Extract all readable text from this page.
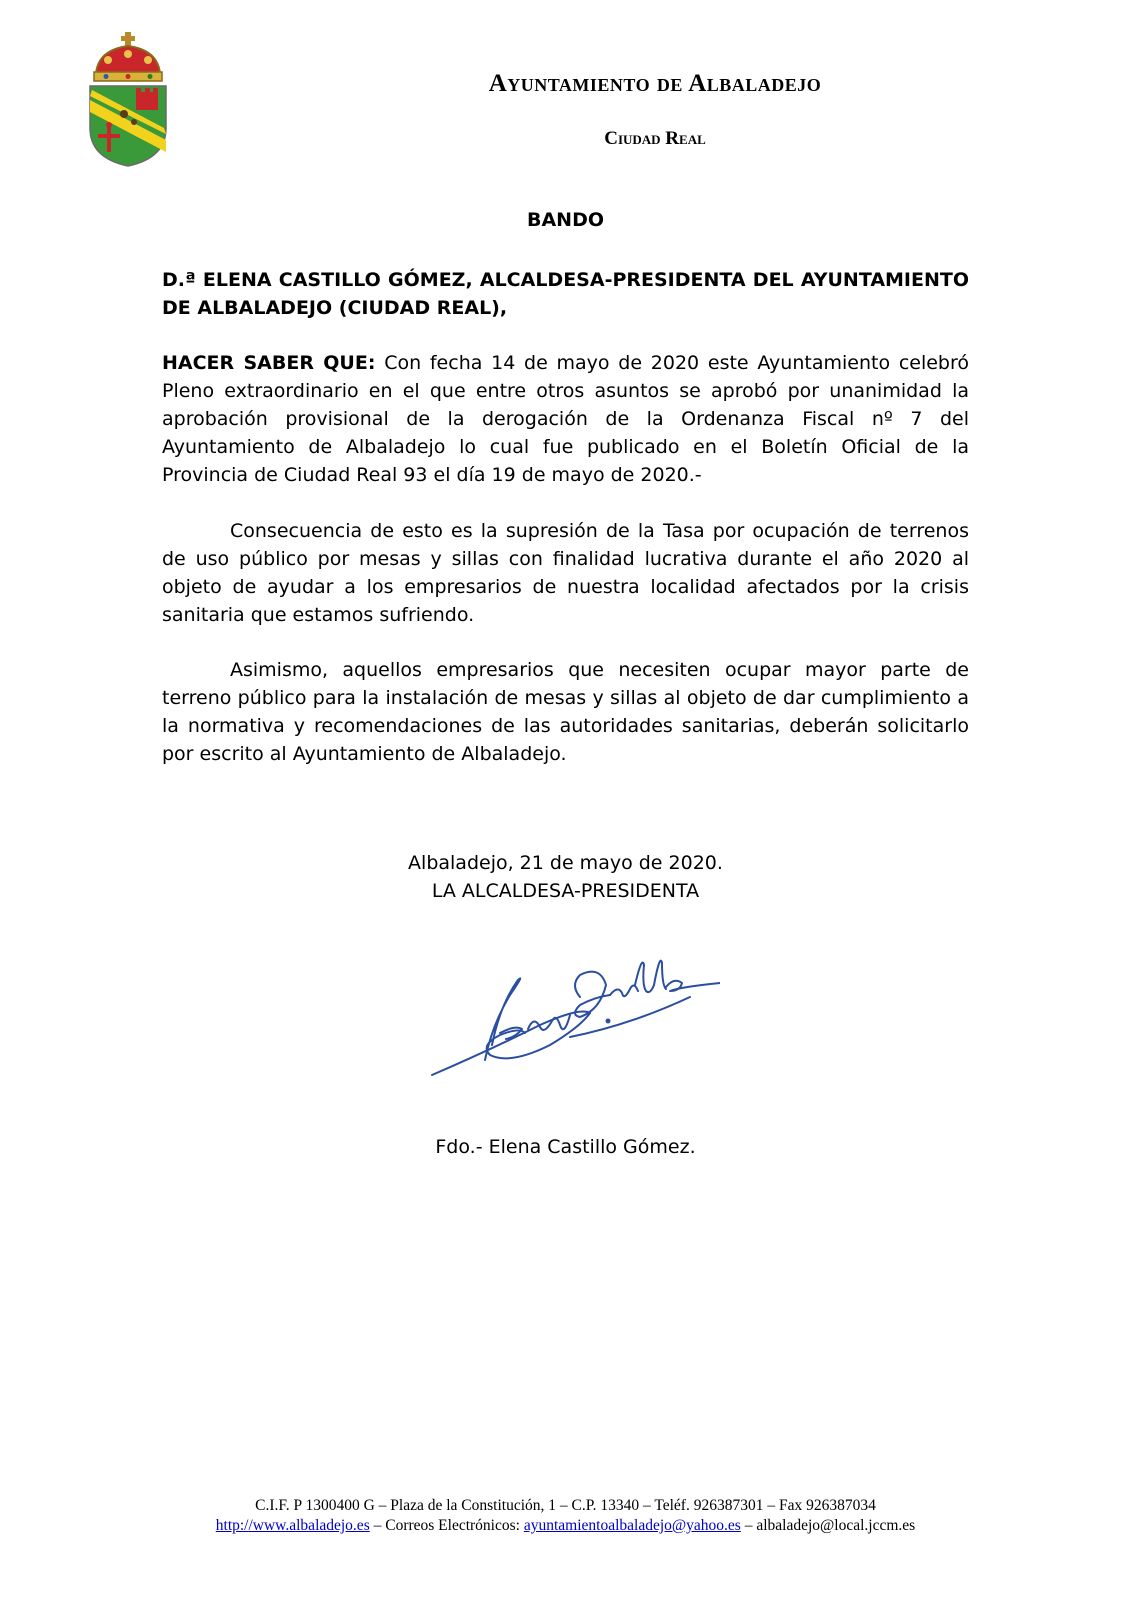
Ayuntamiento de Albaladejo
Ciudad Real
BANDO
D.ª ELENA CASTILLO GÓMEZ, ALCALDESA-PRESIDENTA DEL AYUNTAMIENTO DE ALBALADEJO (CIUDAD REAL),
HACER SABER QUE: Con fecha 14 de mayo de 2020 este Ayuntamiento celebró Pleno extraordinario en el que entre otros asuntos se aprobó por unanimidad la aprobación provisional de la derogación de la Ordenanza Fiscal nº 7 del Ayuntamiento de Albaladejo lo cual fue publicado en el Boletín Oficial de la Provincia de Ciudad Real 93 el día 19 de mayo de 2020.-
Consecuencia de esto es la supresión de la Tasa por ocupación de terrenos de uso público por mesas y sillas con finalidad lucrativa durante el año 2020 al objeto de ayudar a los empresarios de nuestra localidad afectados por la crisis sanitaria que estamos sufriendo.
Asimismo, aquellos empresarios que necesiten ocupar mayor parte de terreno público para la instalación de mesas y sillas al objeto de dar cumplimiento a la normativa y recomendaciones de las autoridades sanitarias, deberán solicitarlo por escrito al Ayuntamiento de Albaladejo.
Albaladejo, 21 de mayo de 2020.
LA ALCALDESA-PRESIDENTA
Fdo.- Elena Castillo Gómez.
C.I.F. P 1300400 G – Plaza de la Constitución, 1 – C.P. 13340 – Teléf. 926387301 – Fax 926387034
http://www.albaladejo.es – Correos Electrónicos: ayuntamientoalbaladejo@yahoo.es – albaladejo@local.jccm.es
